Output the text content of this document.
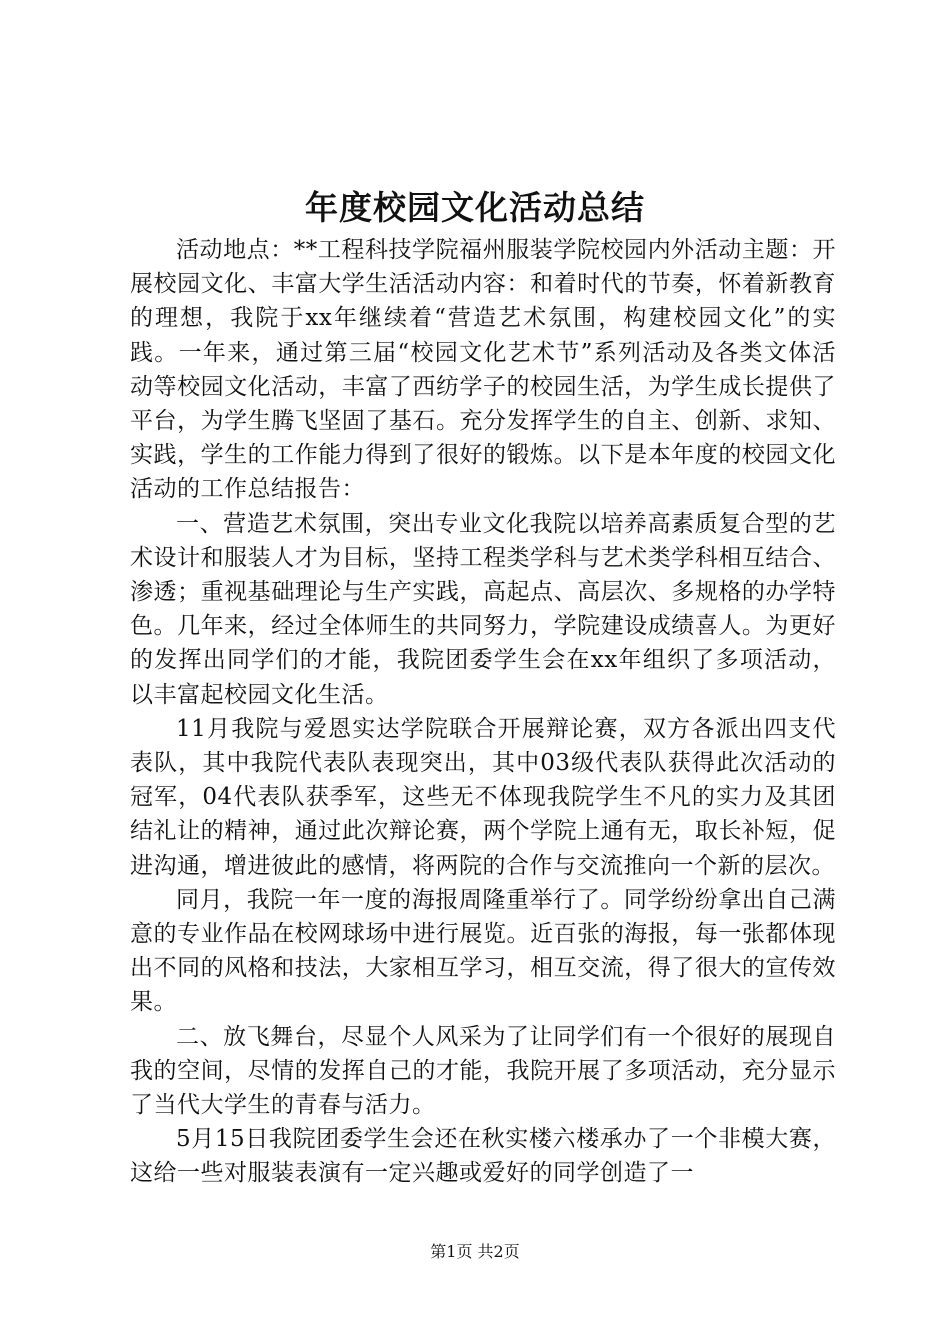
年度校园文化活动总结

活动地点：**工程科技学院福州服装学院校园内外活动主题：开展校园文化、丰富大学生活活动内容：和着时代的节奏，怀着新教育的理想，我院于xx年继续着“营造艺术氛围，构建校园文化”的实践。一年来，通过第三届“校园文化艺术节”系列活动及各类文体活动等校园文化活动，丰富了西纺学子的校园生活，为学生成长提供了平台，为学生腾飞坚固了基石。充分发挥学生的自主、创新、求知、实践，学生的工作能力得到了很好的锻炼。以下是本年度的校园文化活动的工作总结报告：

一、营造艺术氛围，突出专业文化我院以培养高素质复合型的艺术设计和服装人才为目标，坚持工程类学科与艺术类学科相互结合、渗透；重视基础理论与生产实践，高起点、高层次、多规格的办学特色。几年来，经过全体师生的共同努力，学院建设成绩喜人。为更好的发挥出同学们的才能，我院团委学生会在xx年组织了多项活动，以丰富起校园文化生活。

11月我院与爱恩实达学院联合开展辩论赛，双方各派出四支代表队，其中我院代表队表现突出，其中03级代表队获得此次活动的冠军，04代表队获季军，这些无不体现我院学生不凡的实力及其团结礼让的精神，通过此次辩论赛，两个学院上通有无，取长补短，促进沟通，增进彼此的感情，将两院的合作与交流推向一个新的层次。

同月，我院一年一度的海报周隆重举行了。同学纷纷拿出自己满意的专业作品在校网球场中进行展览。近百张的海报，每一张都体现出不同的风格和技法，大家相互学习，相互交流，得了很大的宣传效果。

二、放飞舞台，尽显个人风采为了让同学们有一个很好的展现自我的空间，尽情的发挥自己的才能，我院开展了多项活动，充分显示了当代大学生的青春与活力。

5月15日我院团委学生会还在秋实楼六楼承办了一个非模大赛，这给一些对服装表演有一定兴趣或爱好的同学创造了一

第1页 共2页
